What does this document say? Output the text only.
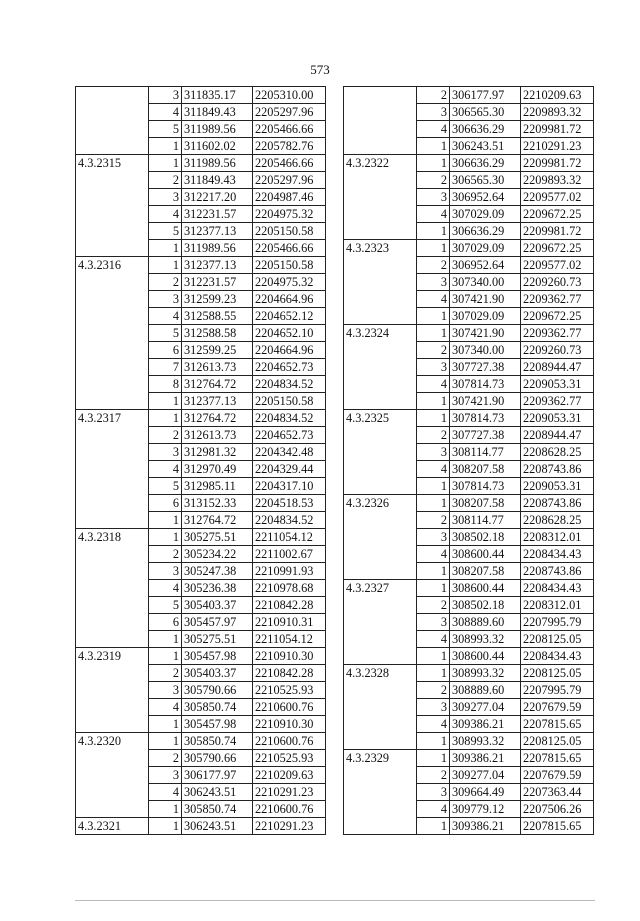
573
	3	311835.17	2205310.00
	4	311849.43	2205297.96
	5	311989.56	2205466.66
	1	311602.02	2205782.76
4.3.2315	1	311989.56	2205466.66
	2	311849.43	2205297.96
	3	312217.20	2204987.46
	4	312231.57	2204975.32
	5	312377.13	2205150.58
	1	311989.56	2205466.66
4.3.2316	1	312377.13	2205150.58
	2	312231.57	2204975.32
	3	312599.23	2204664.96
	4	312588.55	2204652.12
	5	312588.58	2204652.10
	6	312599.25	2204664.96
	7	312613.73	2204652.73
	8	312764.72	2204834.52
	1	312377.13	2205150.58
4.3.2317	1	312764.72	2204834.52
	2	312613.73	2204652.73
	3	312981.32	2204342.48
	4	312970.49	2204329.44
	5	312985.11	2204317.10
	6	313152.33	2204518.53
	1	312764.72	2204834.52
4.3.2318	1	305275.51	2211054.12
	2	305234.22	2211002.67
	3	305247.38	2210991.93
	4	305236.38	2210978.68
	5	305403.37	2210842.28
	6	305457.97	2210910.31
	1	305275.51	2211054.12
4.3.2319	1	305457.98	2210910.30
	2	305403.37	2210842.28
	3	305790.66	2210525.93
	4	305850.74	2210600.76
	1	305457.98	2210910.30
4.3.2320	1	305850.74	2210600.76
	2	305790.66	2210525.93
	3	306177.97	2210209.63
	4	306243.51	2210291.23
	1	305850.74	2210600.76
4.3.2321	1	306243.51	2210291.23
	2	306177.97	2210209.63
	3	306565.30	2209893.32
	4	306636.29	2209981.72
	1	306243.51	2210291.23
4.3.2322	1	306636.29	2209981.72
	2	306565.30	2209893.32
	3	306952.64	2209577.02
	4	307029.09	2209672.25
	1	306636.29	2209981.72
4.3.2323	1	307029.09	2209672.25
	2	306952.64	2209577.02
	3	307340.00	2209260.73
	4	307421.90	2209362.77
	1	307029.09	2209672.25
4.3.2324	1	307421.90	2209362.77
	2	307340.00	2209260.73
	3	307727.38	2208944.47
	4	307814.73	2209053.31
	1	307421.90	2209362.77
4.3.2325	1	307814.73	2209053.31
	2	307727.38	2208944.47
	3	308114.77	2208628.25
	4	308207.58	2208743.86
	1	307814.73	2209053.31
4.3.2326	1	308207.58	2208743.86
	2	308114.77	2208628.25
	3	308502.18	2208312.01
	4	308600.44	2208434.43
	1	308207.58	2208743.86
4.3.2327	1	308600.44	2208434.43
	2	308502.18	2208312.01
	3	308889.60	2207995.79
	4	308993.32	2208125.05
	1	308600.44	2208434.43
4.3.2328	1	308993.32	2208125.05
	2	308889.60	2207995.79
	3	309277.04	2207679.59
	4	309386.21	2207815.65
	1	308993.32	2208125.05
4.3.2329	1	309386.21	2207815.65
	2	309277.04	2207679.59
	3	309664.49	2207363.44
	4	309779.12	2207506.26
	1	309386.21	2207815.65
